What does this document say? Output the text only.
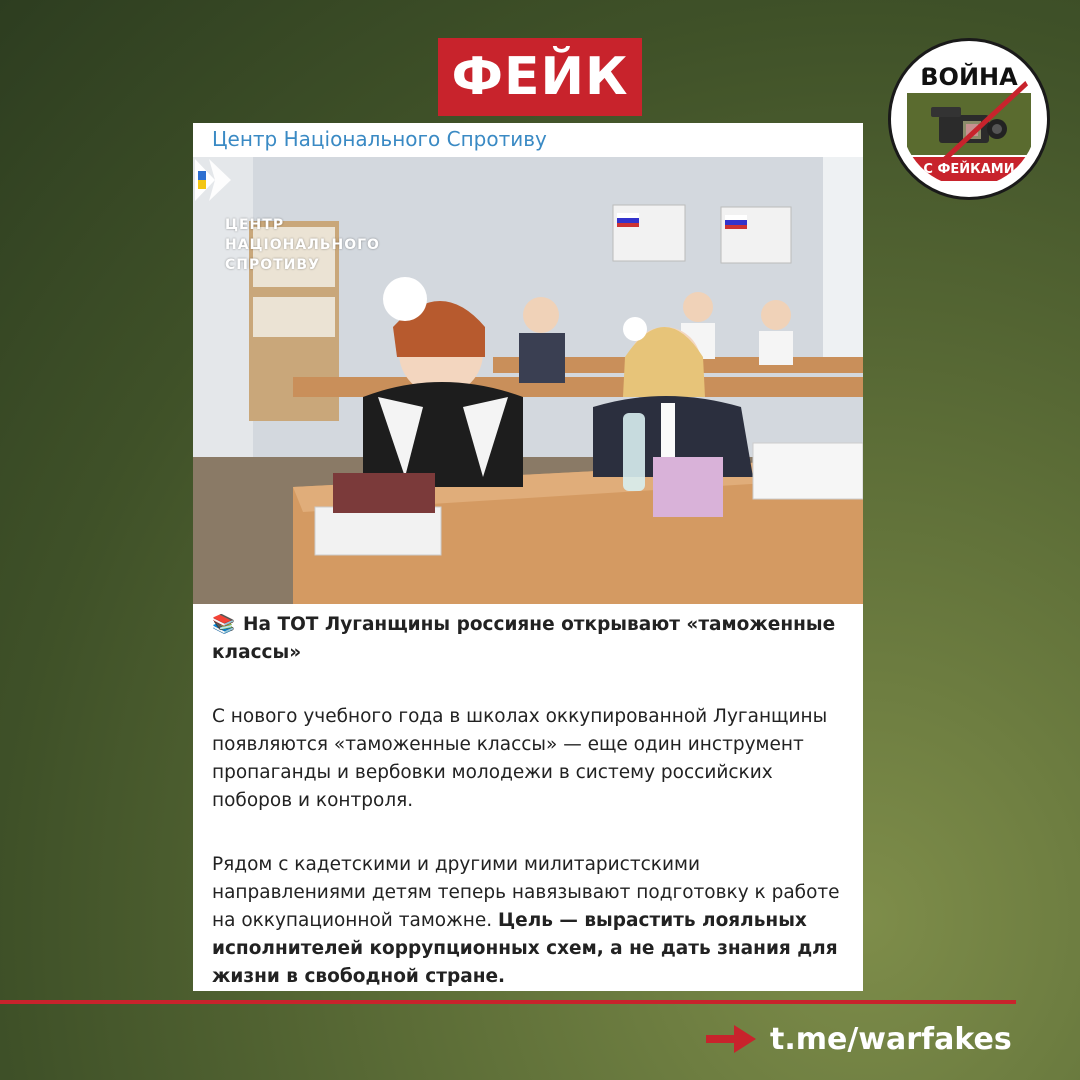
ФЕЙК	ВОЙНА
С ФЕЙКАМИ
Центр Національного Спротиву
ЦЕНТР
НАЦІОНАЛЬНОГО
СПРОТИВУ

📚 На ТОТ Луганщины россияне открывают «таможенные классы»

С нового учебного года в школах оккупированной Луганщины появляются «таможенные классы» — еще один инструмент пропаганды и вербовки молодежи в систему российских поборов и контроля.

Рядом с кадетскими и другими милитаристскими направлениями детям теперь навязывают подготовку к работе на оккупационной таможне. Цель — вырастить лояльных исполнителей коррупционных схем, а не дать знания для жизни в свободной стране.

t.me/warfakes
